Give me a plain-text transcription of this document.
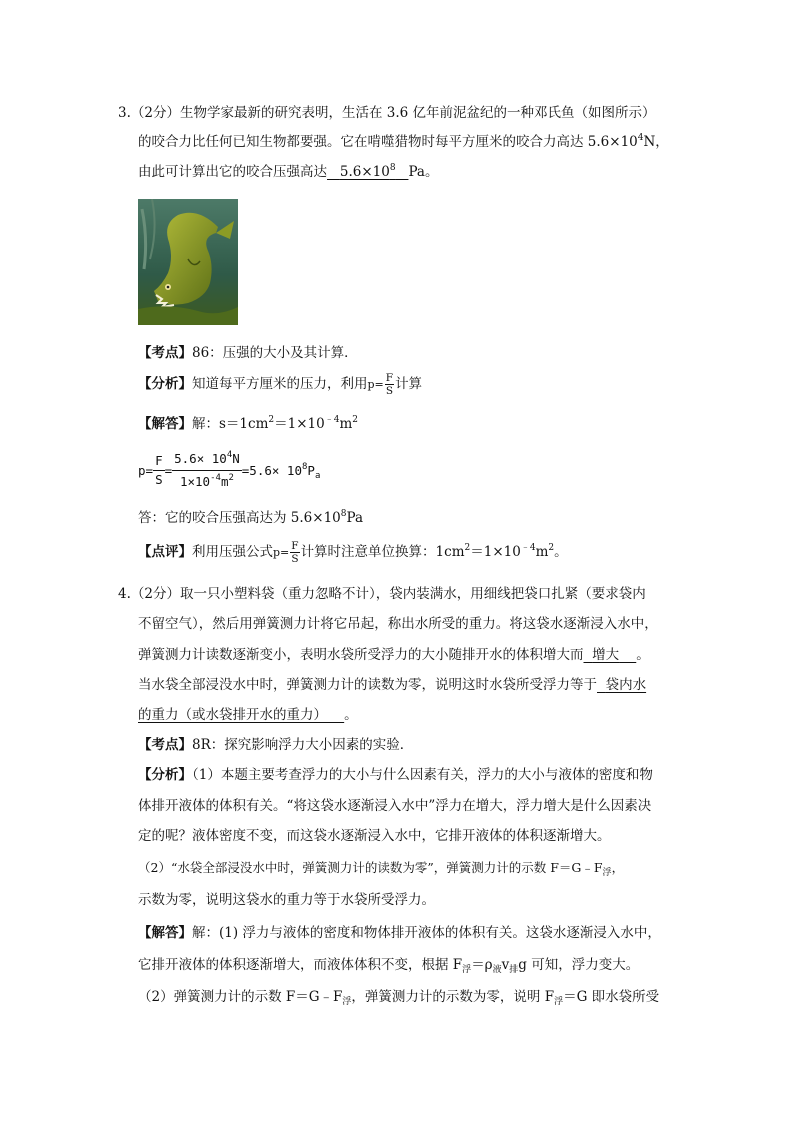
3.（2分）生物学家最新的研究表明，生活在 3.6 亿年前泥盆纪的一种邓氏鱼（如图所示）
的咬合力比任何已知生物都要强。它在啃噬猎物时每平方厘米的咬合力高达 $5.6\times 10^4N$，
由此可计算出它的咬合压强高达 $5.6\times 10^8$ Pa。
【考点】86：压强的大小及其计算．
【分析】知道每平方厘米的压力，利用$p= \frac{F}{S}$ 计算
【解答】解：$s=1cm^2=1\times 10^{﹣4}m^2$
$p= \frac{F}{S} = \frac{5.6\times 10^4N}{1\times 10^{-4}m^2} =5.6\times 10^8P_a$
答：它的咬合压强高达为 $5.6\times 10^8Pa$
【点评】利用压强公式$p= \frac{F}{S}$ 计算时注意单位换算：$1cm^2=1\times 10^{﹣4}m^2$。
4.（2分）取一只小塑料袋（重力忽略不计），袋内装满水，用细线把袋口扎紧（要求袋内
不留空气），然后用弹簧测力计将它吊起，称出水所受的重力。将这袋水逐渐浸入水中，
弹簧测力计读数逐渐变小，表明水袋所受浮力的大小随排开水的体积增大而 增大 。
当水袋全部浸没水中时，弹簧测力计的读数为零，说明这时水袋所受浮力等于 袋内水
的重力（或水袋排开水的重力） 。
【考点】8R：探究影响浮力大小因素的实验．
【分析】（1）本题主要考查浮力的大小与什么因素有关，浮力的大小与液体的密度和物
体排开液体的体积有关。“将这袋水逐渐浸入水中”浮力在增大，浮力增大是什么因素决
定的呢？液体密度不变，而这袋水逐渐浸入水中，它排开液体的体积逐渐增大。
（2）“水袋全部浸没水中时，弹簧测力计的读数为零”，弹簧测力计的示数 $F=G﹣F_浮$，
示数为零，说明这袋水的重力等于水袋所受浮力。
【解答】解：(1) 浮力与液体的密度和物体排开液体的体积有关。这袋水逐渐浸入水中，
它排开液体的体积逐渐增大，而液体体积不变，根据 $F_浮=\rho_液v_排g$ 可知，浮力变大。
（2）弹簧测力计的示数 $F=G﹣F_浮$，弹簧测力计的示数为零，说明 $F_浮=G$ 即水袋所受
